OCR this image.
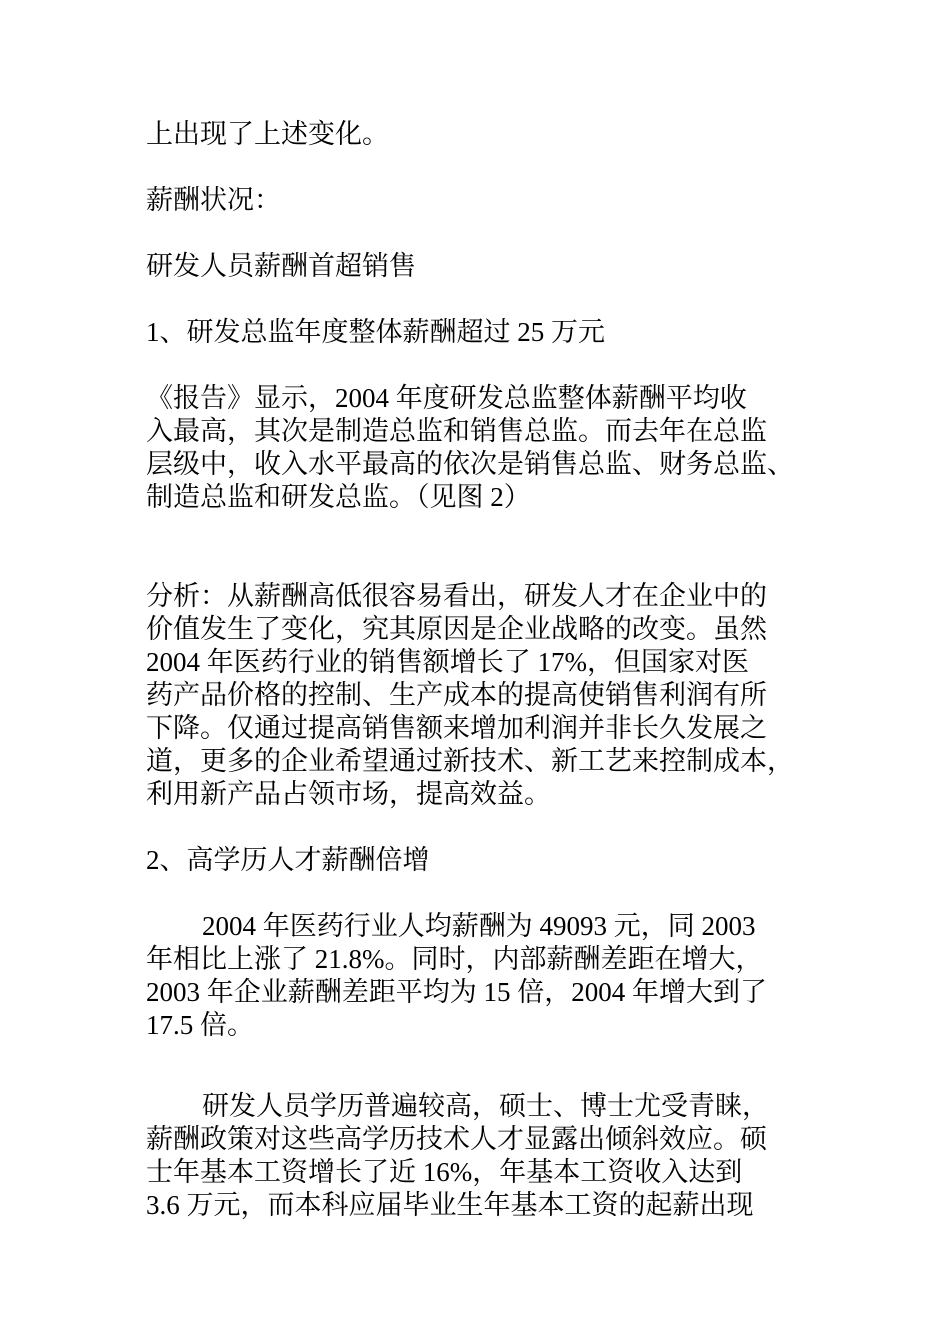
上出现了上述变化。

薪酬状况：

研发人员薪酬首超销售

1、研发总监年度整体薪酬超过 25 万元

《报告》显示，2004 年度研发总监整体薪酬平均收
入最高，其次是制造总监和销售总监。而去年在总监
层级中，收入水平最高的依次是销售总监、财务总监、
制造总监和研发总监。（见图 2）

分析：从薪酬高低很容易看出，研发人才在企业中的
价值发生了变化，究其原因是企业战略的改变。虽然
2004 年医药行业的销售额增长了 17%，但国家对医
药产品价格的控制、生产成本的提高使销售利润有所
下降。仅通过提高销售额来增加利润并非长久发展之
道，更多的企业希望通过新技术、新工艺来控制成本，
利用新产品占领市场，提高效益。

2、高学历人才薪酬倍增

2004 年医药行业人均薪酬为 49093 元，同 2003
年相比上涨了 21.8%。同时，内部薪酬差距在增大，
2003 年企业薪酬差距平均为 15 倍，2004 年增大到了
17.5 倍。

研发人员学历普遍较高，硕士、博士尤受青睐，
薪酬政策对这些高学历技术人才显露出倾斜效应。硕
士年基本工资增长了近 16%，年基本工资收入达到
3.6 万元，而本科应届毕业生年基本工资的起薪出现
